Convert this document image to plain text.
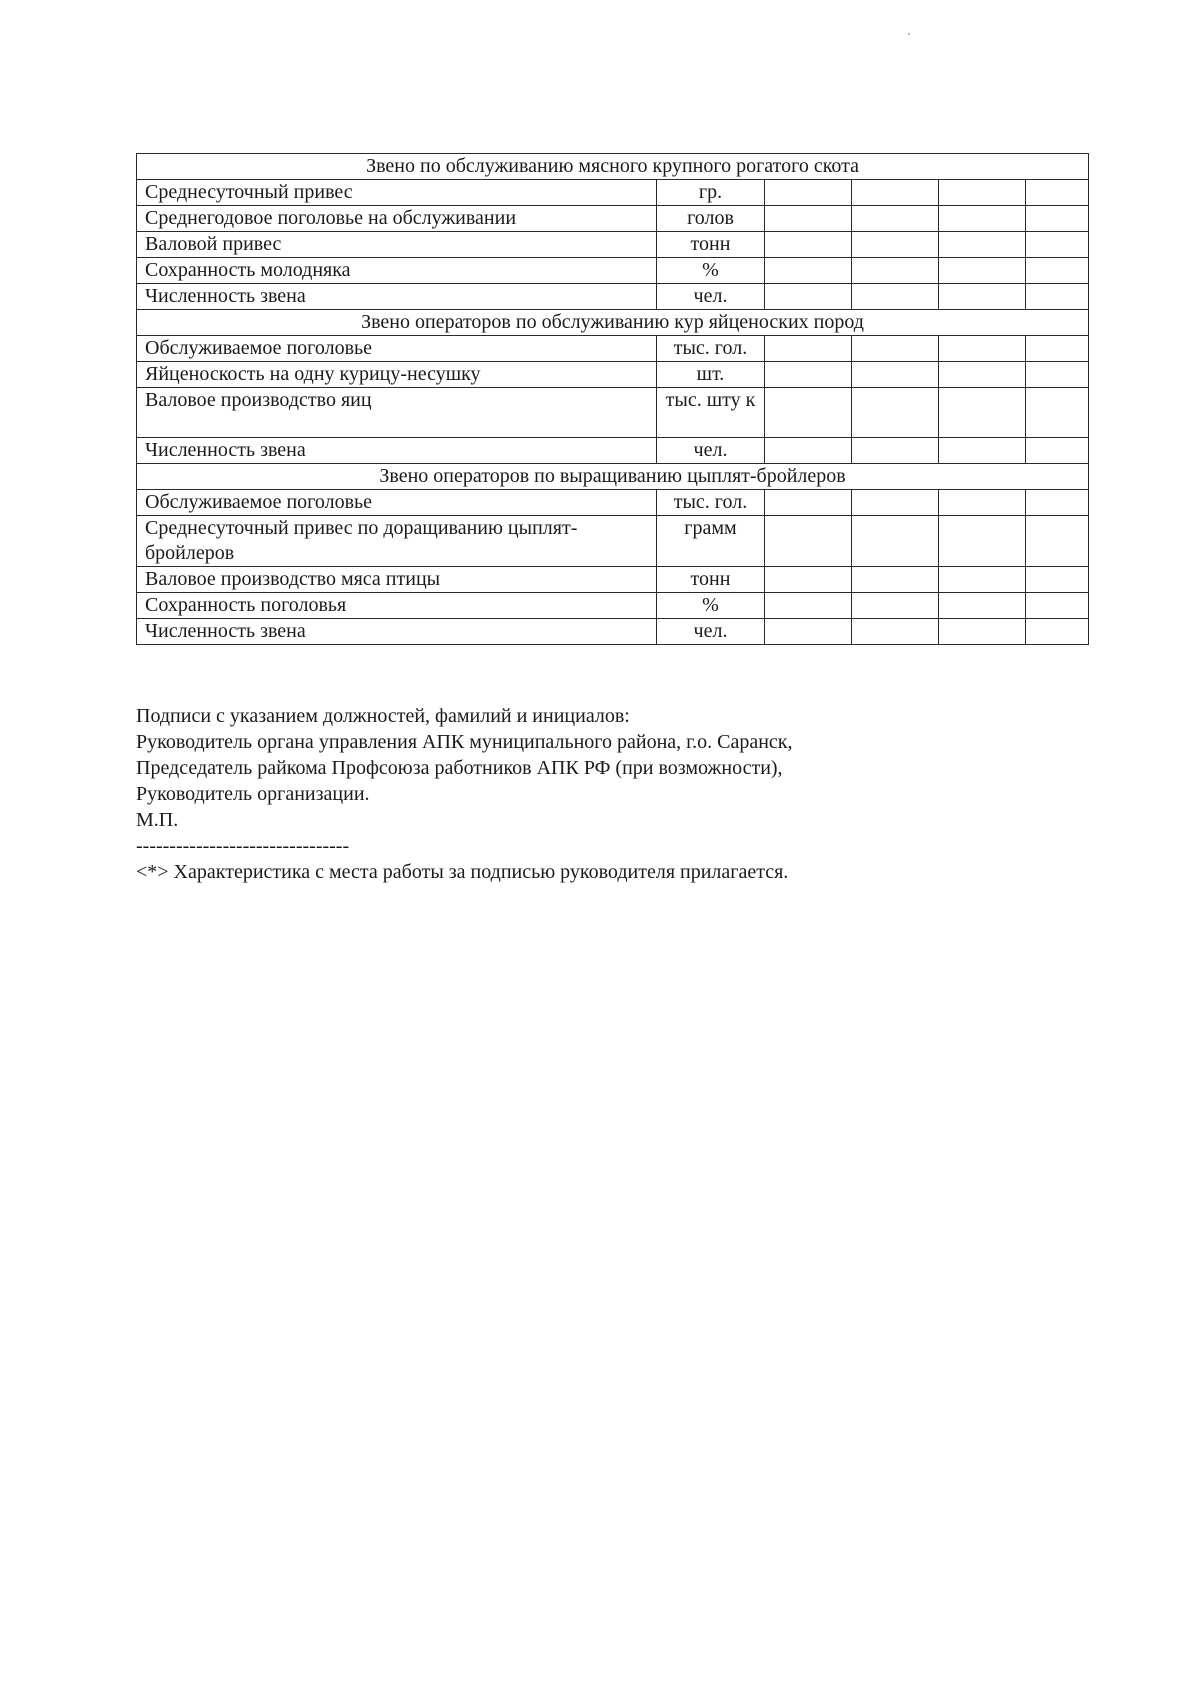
Звено по обслуживанию мясного крупного рогатого скота					
Среднесуточный привес	гр.				
Среднегодовое поголовье на обслуживании	голов				
Валовой привес	тонн				
Сохранность молодняка	%				
Численность звена	чел.				
Звено операторов по обслуживанию кур яйценоских пород					
Обслуживаемое поголовье	тыс. гол.				
Яйценоскость на одну курицу-несушку	шт.				
Валовое производство яиц	тыс. шту к				
Численность звена	чел.				
Звено операторов по выращиванию цыплят-бройлеров					
Обслуживаемое поголовье	тыс. гол.				
Среднесуточный привес по доращиванию цыплят-бройлеров	грамм				
Валовое производство мяса птицы	тонн				
Сохранность поголовья	%				
Численность звена	чел.				
Подписи с указанием должностей, фамилий и инициалов:
Руководитель органа управления АПК муниципального района, г.о. Саранск,
Председатель райкома Профсоюза работников АПК РФ (при возможности),
Руководитель организации.
М.П.
--------------------------------
<*> Характеристика с места работы за подписью руководителя прилагается.
